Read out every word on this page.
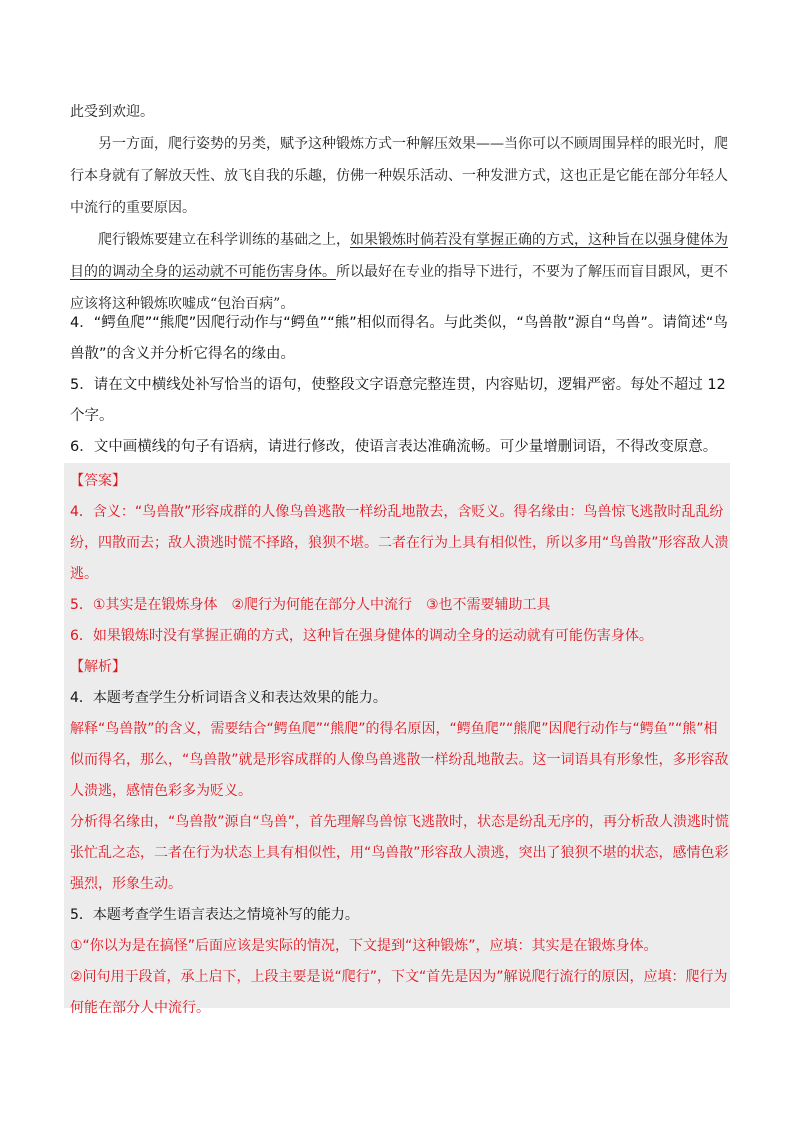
此受到欢迎。

另一方面，爬行姿势的另类，赋予这种锻炼方式一种解压效果——当你可以不顾周围异样的眼光时，爬行本身就有了解放天性、放飞自我的乐趣，仿佛一种娱乐活动、一种发泄方式，这也正是它能在部分年轻人中流行的重要原因。

爬行锻炼要建立在科学训练的基础之上，如果锻炼时倘若没有掌握正确的方式，这种旨在以强身健体为目的的调动全身的运动就不可能伤害身体。所以最好在专业的指导下进行，不要为了解压而盲目跟风，更不应该将这种锻炼吹嘘成“包治百病”。

4．“鳄鱼爬”“熊爬”因爬行动作与“鳄鱼”“熊”相似而得名。与此类似，“鸟兽散”源自“鸟兽”。请简述“鸟兽散”的含义并分析它得名的缘由。

5．请在文中横线处补写恰当的语句，使整段文字语意完整连贯，内容贴切，逻辑严密。每处不超过 12 个字。

6．文中画横线的句子有语病，请进行修改，使语言表达准确流畅。可少量增删词语，不得改变原意。

【答案】

4．含义：“鸟兽散”形容成群的人像鸟兽逃散一样纷乱地散去，含贬义。得名缘由：鸟兽惊飞逃散时乱乱纷纷，四散而去；敌人溃逃时慌不择路，狼狈不堪。二者在行为上具有相似性，所以多用“鸟兽散”形容敌人溃逃。

5．①其实是在锻炼身体　②爬行为何能在部分人中流行　③也不需要辅助工具

6．如果锻炼时没有掌握正确的方式，这种旨在强身健体的调动全身的运动就有可能伤害身体。

【解析】

4．本题考查学生分析词语含义和表达效果的能力。

解释“鸟兽散”的含义，需要结合“鳄鱼爬”“熊爬”的得名原因，“鳄鱼爬”“熊爬”因爬行动作与“鳄鱼”“熊”相似而得名，那么，“鸟兽散”就是形容成群的人像鸟兽逃散一样纷乱地散去。这一词语具有形象性，多形容敌人溃逃，感情色彩多为贬义。

分析得名缘由，“鸟兽散”源自“鸟兽”，首先理解鸟兽惊飞逃散时，状态是纷乱无序的，再分析敌人溃逃时慌张忙乱之态，二者在行为状态上具有相似性，用“鸟兽散”形容敌人溃逃，突出了狼狈不堪的状态，感情色彩强烈，形象生动。

5．本题考查学生语言表达之情境补写的能力。

①“你以为是在搞怪”后面应该是实际的情况，下文提到“这种锻炼”，应填：其实是在锻炼身体。

②问句用于段首，承上启下，上段主要是说“爬行”，下文“首先是因为”解说爬行流行的原因，应填：爬行为何能在部分人中流行。
